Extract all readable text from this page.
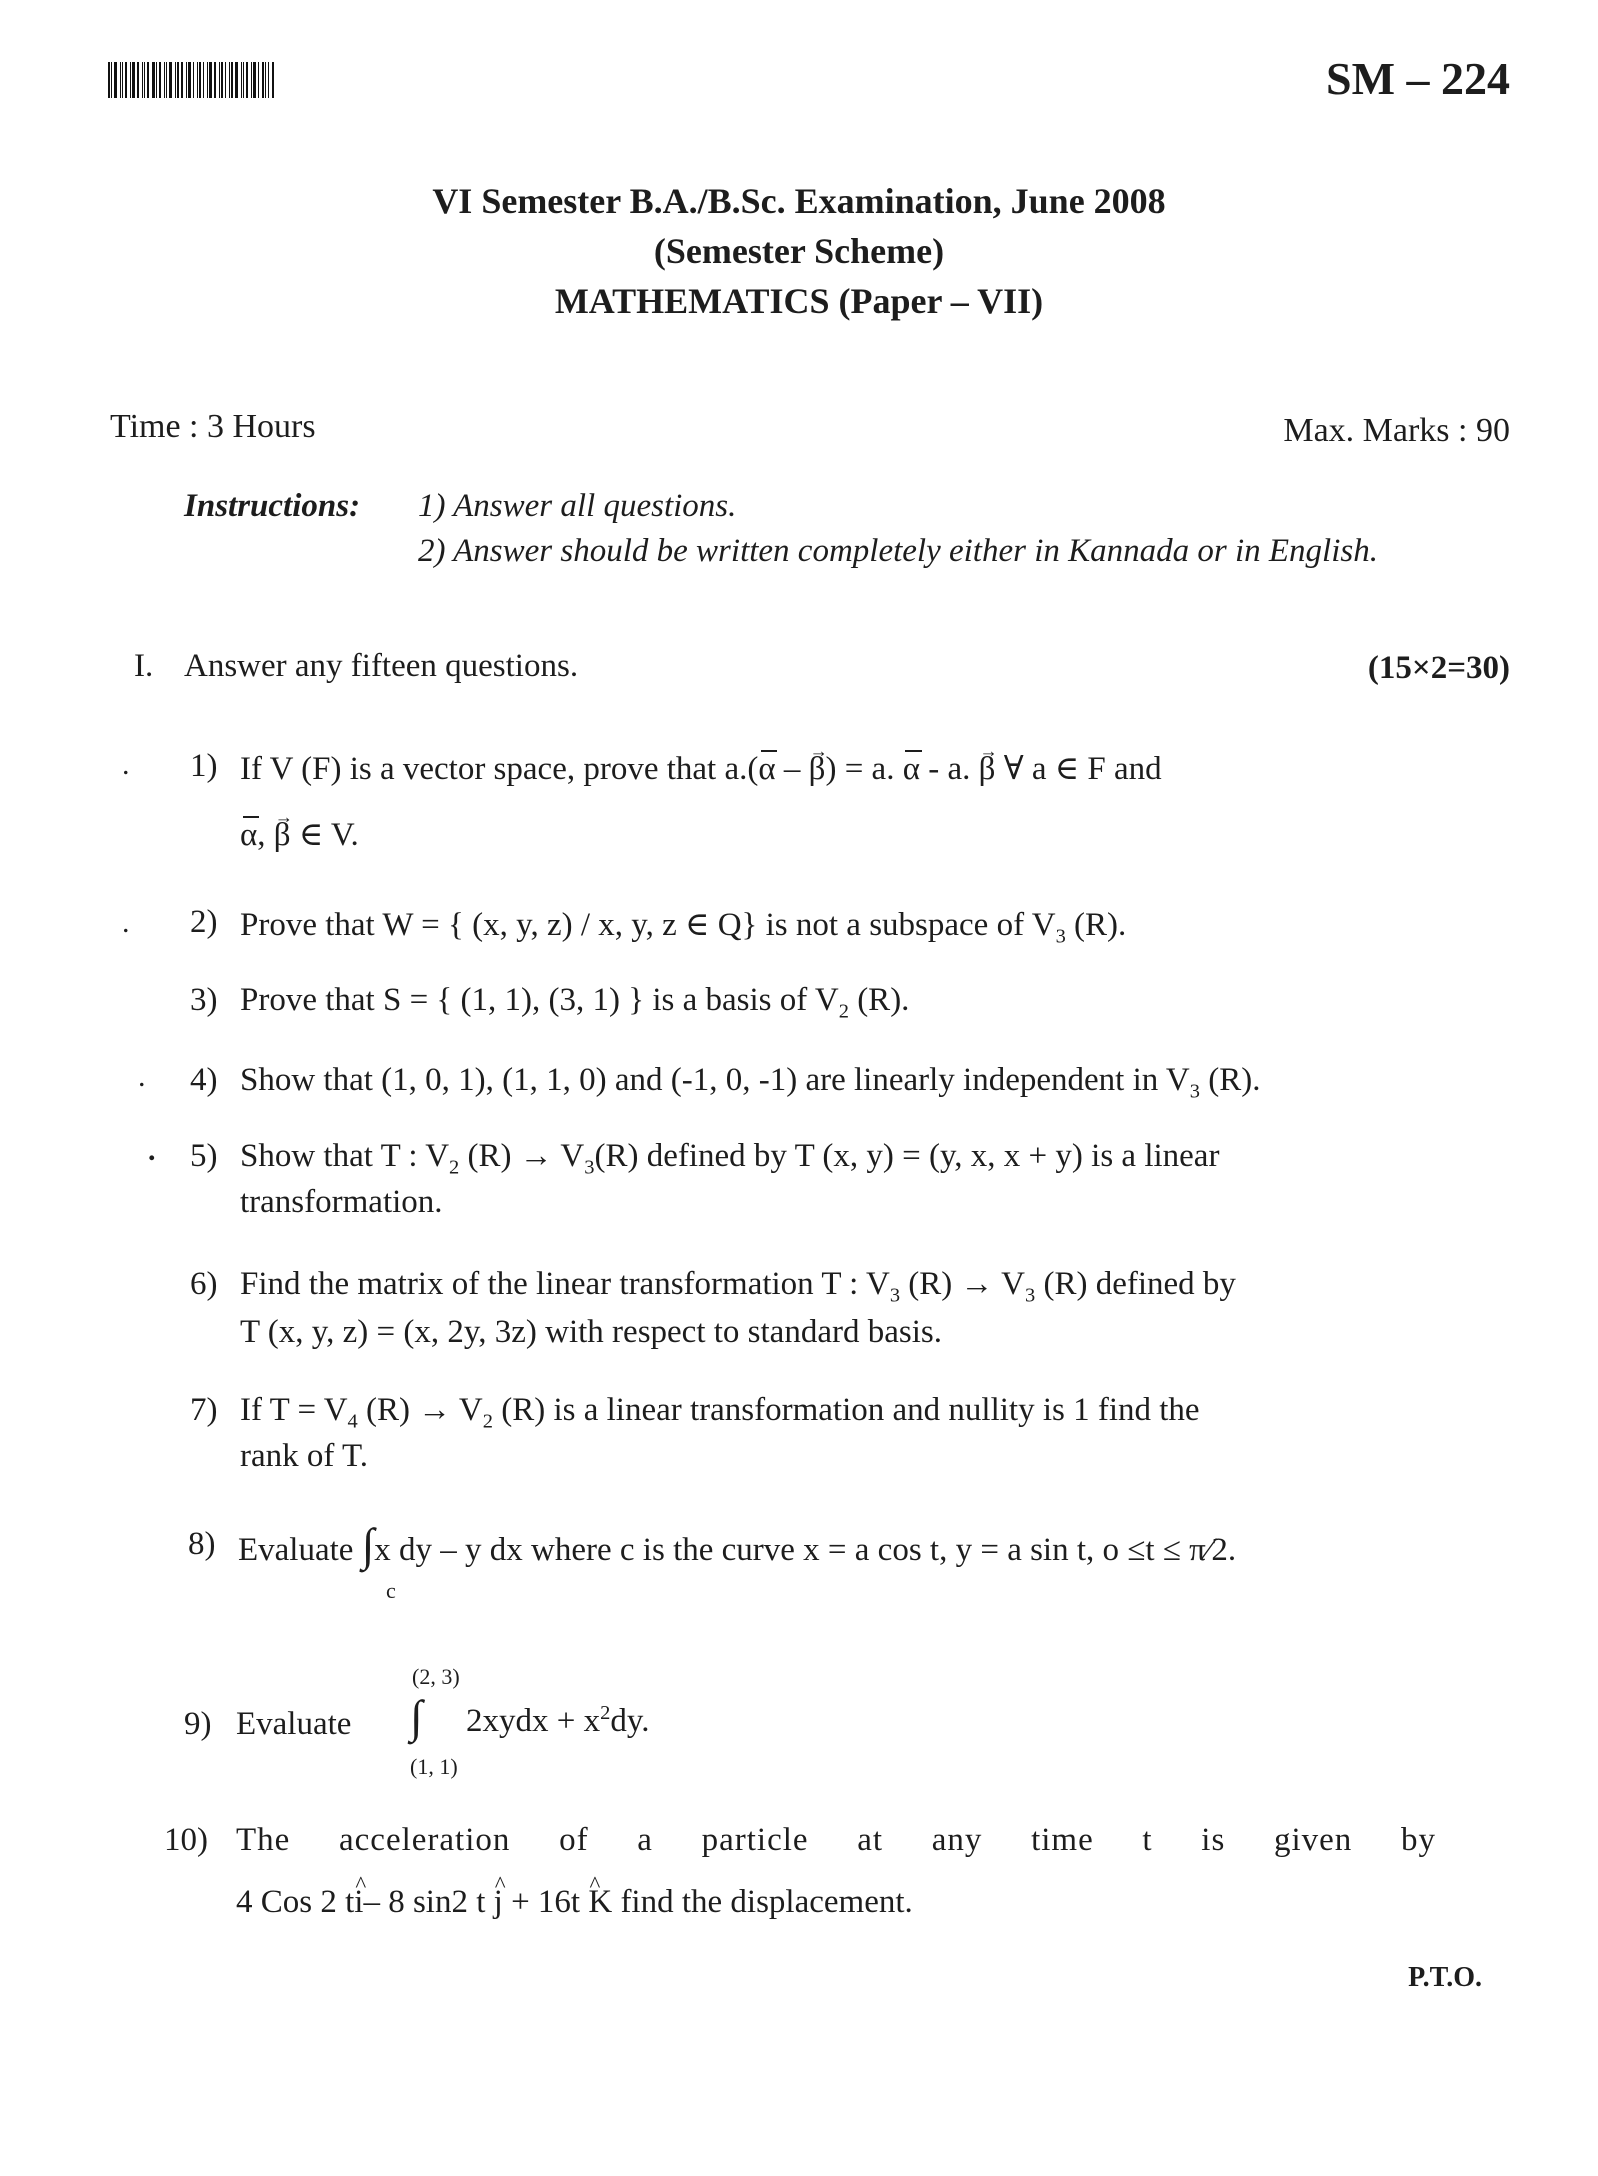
SM – 224
VI Semester B.A./B.Sc. Examination, June 2008
(Semester Scheme)
MATHEMATICS (Paper – VII)
Time : 3 Hours	Max. Marks : 90
Instructions: 1) Answer all questions.
2) Answer should be written completely either in Kannada or in English.
I. Answer any fifteen questions.	(15×2=30)
. 1) If V (F) is a vector space, prove that a.(α – → β) = a. α - a. → β ∀ a ∈ F and
α, → β ∈ V.
. 2) Prove that W = { (x, y, z) / x, y, z ∈ Q} is not a subspace of $V_3$ (R).
3) Prove that S = { (1, 1), (3, 1) } is a basis of $V_2$ (R).
. 4) Show that (1, 0, 1), (1, 1, 0) and (-1, 0, -1) are linearly independent in $V_3$ (R).
. 5) Show that T : $V_2$ $(R) \to V_3(R)$ defined by T (x, y) = (y, x, x + y) is a linear
transformation.
6) Find the matrix of the linear transformation T : $V_3$ $(R) \to V_3$ (R) defined by
T (x, y, z) = (x, 2y, 3z) with respect to standard basis.
7) If $T = V_4$ $(R) \to V_2$ (R) is a linear transformation and nullity is 1 find the
rank of T.
8) Evaluate ∫x dy – y dx where c is the curve x = a cos t, y = a sin t, o ≤t ≤ π⁄2.
c
(2, 3)
9) Evaluate ∫ 2xydx + $x^2dy$.
(1, 1)
10) The acceleration of a particle at any time t is given by
4 Cos 2 t^ i– 8 sin2 t ^ j + 16t ^ K find the displacement.
P.T.O.
